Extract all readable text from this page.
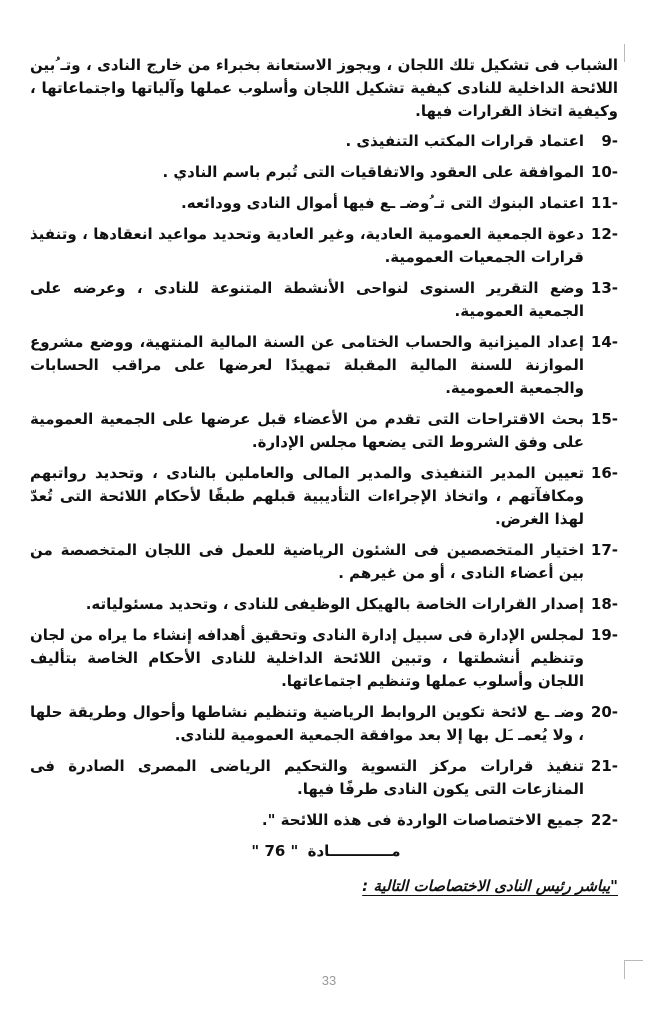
الشباب فى تشكيل تلك اللجان ، ويجوز الاستعانة بخبراء من خارج النادى ، وتـ ُبين اللائحة الداخلية للنادى كيفية تشكيل اللجان وأسلوب عملها وآلياتها واجتماعاتها ، وكيفية اتخاذ القرارات فيها.

9-
اعتماد قرارات المكتب التنفيذى .
10-
الموافقة على العقود والاتفاقيات التى تُبرم باسم النادي .
11-
اعتماد البنوك التى تـ ُوضـ ـع فيها أموال النادى وودائعه.
12-
دعوة الجمعية العمومية العادية، وغير العادية وتحديد مواعيد انعقادها ، وتنفيذ قرارات الجمعيات العمومية.
13-
وضع التقرير السنوى لنواحى الأنشطة المتنوعة للنادى ، وعرضه على الجمعية العمومية.
14-
إعداد الميزانية والحساب الختامى عن السنة المالية المنتهية، ووضع مشروع الموازنة للسنة المالية المقبلة تمهيدًا لعرضها على مراقب الحسابات والجمعية العمومية.
15-
بحث الاقتراحات التى تقدم من الأعضاء قبل عرضها على الجمعية العمومية على وفق الشروط التى يضعها مجلس الإدارة.
16-
تعيين المدير التنفيذى والمدير المالى والعاملين بالنادى ، وتحديد رواتبهم ومكافآتهم ، واتخاذ الإجراءات التأديبية قبلهم طبقًا لأحكام اللائحة التى تُعدّ لهذا الغرض.
17-
اختيار المتخصصين فى الشئون الرياضية للعمل فى اللجان المتخصصة من بين أعضاء النادى ، أو من غيرهم .
18-
إصدار القرارات الخاصة بالهيكل الوظيفى للنادى ، وتحديد مسئولياته.
19-
لمجلس الإدارة فى سبيل إدارة النادى وتحقيق أهدافه إنشاء ما يراه من لجان وتنظيم أنشطتها ، وتبين اللائحة الداخلية للنادى الأحكام الخاصة بتأليف اللجان وأسلوب عملها وتنظيم اجتماعاتها.
20-
وضـ ـع لائحة تكوين الروابط الرياضية وتنظيم نشاطها وأحوال وطريقة حلها ، ولا يُعمـ ـَل بها إلا بعد موافقة الجمعية العمومية للنادى.
21-
تنفيذ قرارات مركز التسوية والتحكيم الرياضى المصرى الصادرة فى المنازعات التى يكون النادى طرفًا فيها.
22-
جميع الاختصاصات الواردة فى هذه اللائحة ".
مــــــــــــادة " 76 "
"يباشر رئيس النادى الاختصاصات التالية :
33
